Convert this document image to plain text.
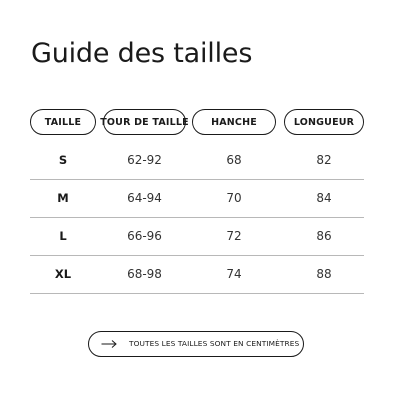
Guide des tailles
TAILLE	TOUR DE TAILLE	HANCHE	LONGUEUR
S	62-92	68	82
M	64-94	70	84
L	66-96	72	86
XL	68-98	74	88
TOUTES LES TAILLES SONT EN CENTIMÈTRES
